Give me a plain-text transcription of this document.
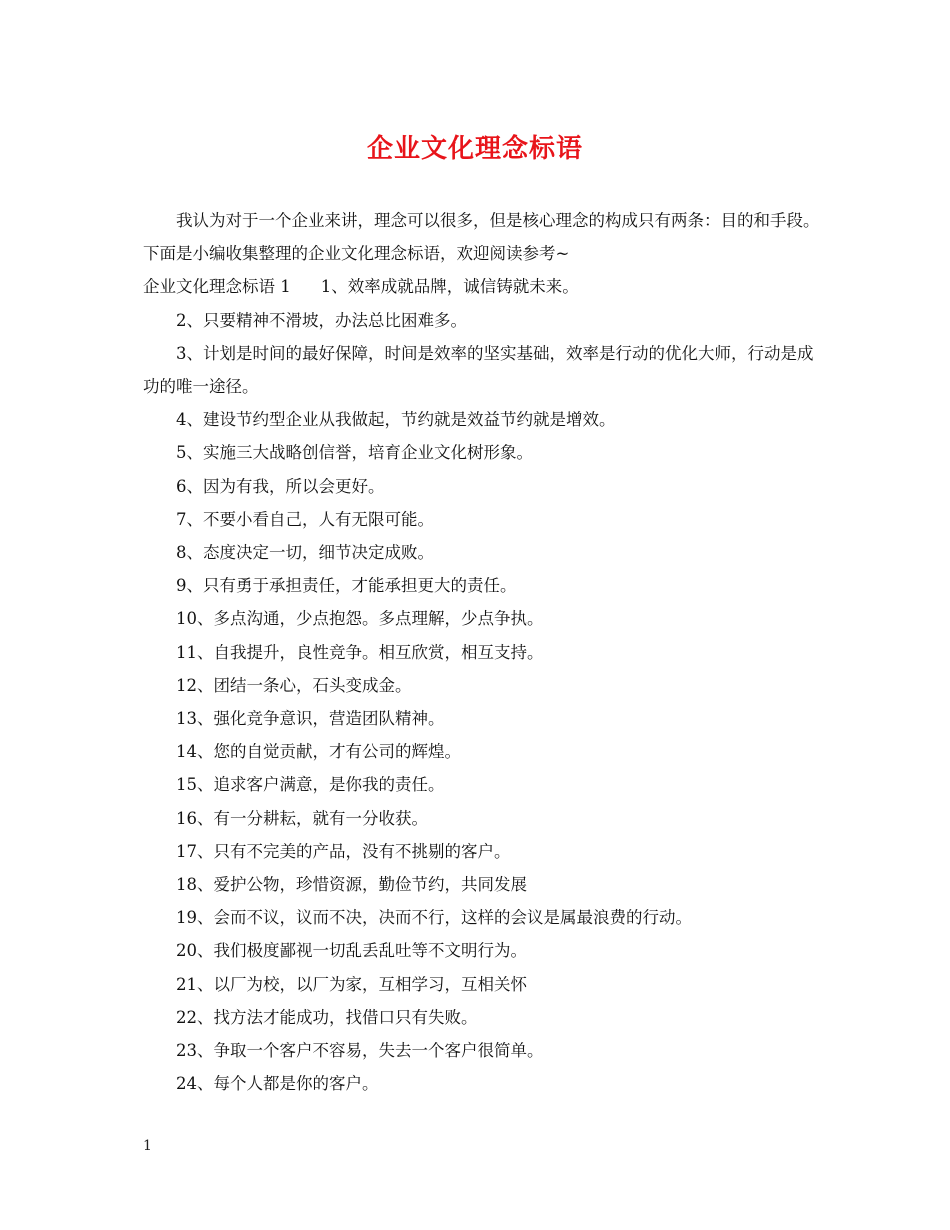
企业文化理念标语

我认为对于一个企业来讲，理念可以很多，但是核心理念的构成只有两条：目的和手段。下面是小编收集整理的企业文化理念标语，欢迎阅读参考~

企业文化理念标语 1 1、效率成就品牌，诚信铸就未来。

2、只要精神不滑坡，办法总比困难多。

3、计划是时间的最好保障，时间是效率的坚实基础，效率是行动的优化大师，行动是成功的唯一途径。

4、建设节约型企业从我做起，节约就是效益节约就是增效。

5、实施三大战略创信誉，培育企业文化树形象。

6、因为有我，所以会更好。

7、不要小看自己，人有无限可能。

8、态度决定一切，细节决定成败。

9、只有勇于承担责任，才能承担更大的责任。

10、多点沟通，少点抱怨。多点理解，少点争执。

11、自我提升，良性竞争。相互欣赏，相互支持。

12、团结一条心，石头变成金。

13、强化竞争意识，营造团队精神。

14、您的自觉贡献，才有公司的辉煌。

15、追求客户满意，是你我的责任。

16、有一分耕耘，就有一分收获。

17、只有不完美的产品，没有不挑剔的客户。

18、爱护公物，珍惜资源，勤俭节约，共同发展

19、会而不议，议而不决，决而不行，这样的会议是属最浪费的行动。

20、我们极度鄙视一切乱丢乱吐等不文明行为。

21、以厂为校，以厂为家，互相学习，互相关怀

22、找方法才能成功，找借口只有失败。

23、争取一个客户不容易，失去一个客户很简单。

24、每个人都是你的客户。

1
